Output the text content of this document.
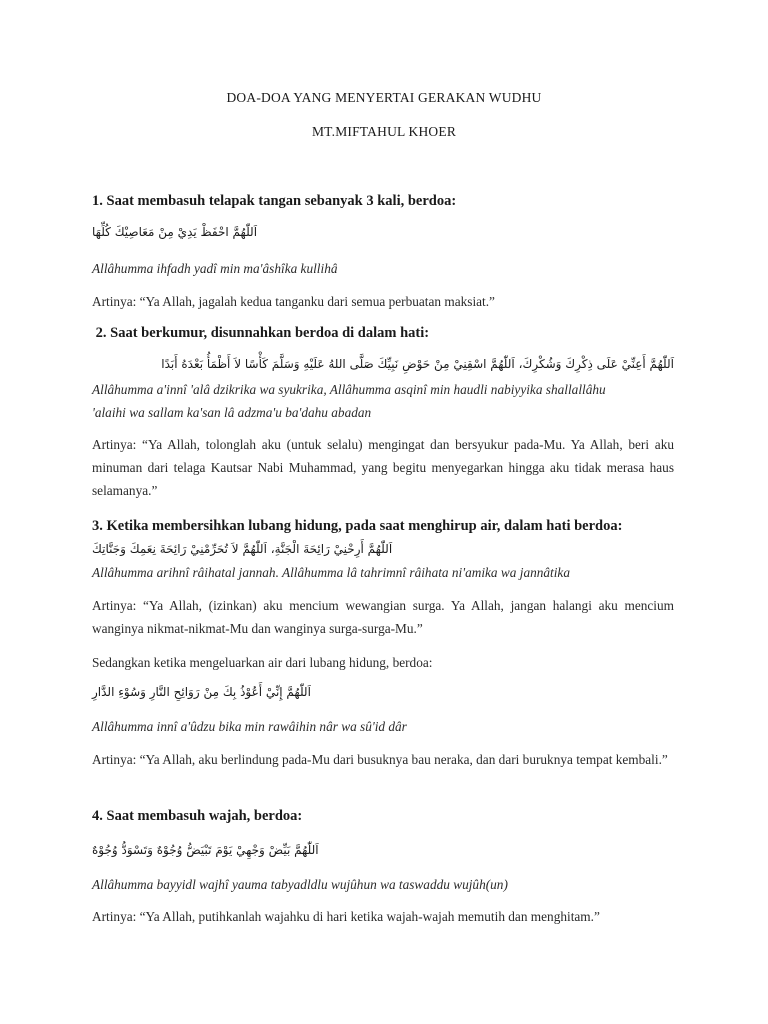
DOA-DOA YANG MENYERTAI GERAKAN WUDHU
MT.MIFTAHUL KHOER

1. Saat membasuh telapak tangan sebanyak 3 kali, berdoa:

اَللّٰهُمَّ احْفَظْ يَدِيْ مِنْ مَعَاصِيْكَ كُلِّهَا

Allâhumma ihfadh yadî min ma'âshîka kullihâ

Artinya: “Ya Allah, jagalah kedua tanganku dari semua perbuatan maksiat.”

2. Saat berkumur, disunnahkan berdoa di dalam hati:

اَللّٰهُمَّ أَعِنِّيْ عَلَى ذِكْرِكَ وَشُكْرِكَ، اَللّٰهُمَّ اسْقِنِيْ مِنْ حَوْضِ نَبِيِّكَ صَلَّى اللهُ عَلَيْهِ وَسَلَّمَ كَأْسًا لاَ أَظْمَأُ بَعْدَهُ أَبَدًا

Allâhumma a'innî 'alâ dzikrika wa syukrika, Allâhumma asqinî min haudli nabiyyika shallallâhu

'alaihi wa sallam ka'san lâ adzma'u ba'dahu abadan

Artinya: “Ya Allah, tolonglah aku (untuk selalu) mengingat dan bersyukur pada-Mu. Ya Allah, beri aku minuman dari telaga Kautsar Nabi Muhammad, yang begitu menyegarkan hingga aku tidak merasa haus selamanya.”

3. Ketika membersihkan lubang hidung, pada saat menghirup air, dalam hati berdoa:

اَللّٰهُمَّ أَرِحْنِيْ رَائِحَةَ الْجَنَّةِ، اَللّٰهُمَّ لاَ تُحَرِّمْنِيْ رَائِحَةَ نِعَمِكَ وَجَنَّاتِكَ

Allâhumma arihnî râihatal jannah. Allâhumma lâ tahrimnî râihata ni'amika wa jannâtika

Artinya: “Ya Allah, (izinkan) aku mencium wewangian surga. Ya Allah, jangan halangi aku mencium wanginya nikmat-nikmat-Mu dan wanginya surga-surga-Mu.”

Sedangkan ketika mengeluarkan air dari lubang hidung, berdoa:

اَللّٰهُمَّ إِنِّيْ أَعُوْذُ بِكَ مِنْ رَوَائِحِ النَّارِ وَسُوْءِ الدَّارِ

Allâhumma innî a'ûdzu bika min rawâihin nâr wa sû'id dâr

Artinya: “Ya Allah, aku berlindung pada-Mu dari busuknya bau neraka, dan dari buruknya tempat kembali.”

4. Saat membasuh wajah, berdoa:

اَللّٰهُمَّ بَيِّضْ وَجْهِيْ يَوْمَ تَبْيَضُّ وُجُوْهٌ وَتَسْوَدُّ وُجُوْهٌ

Allâhumma bayyidl wajhî yauma tabyadldlu wujûhun wa taswaddu wujûh(un)

Artinya: “Ya Allah, putihkanlah wajahku di hari ketika wajah-wajah memutih dan menghitam.”
